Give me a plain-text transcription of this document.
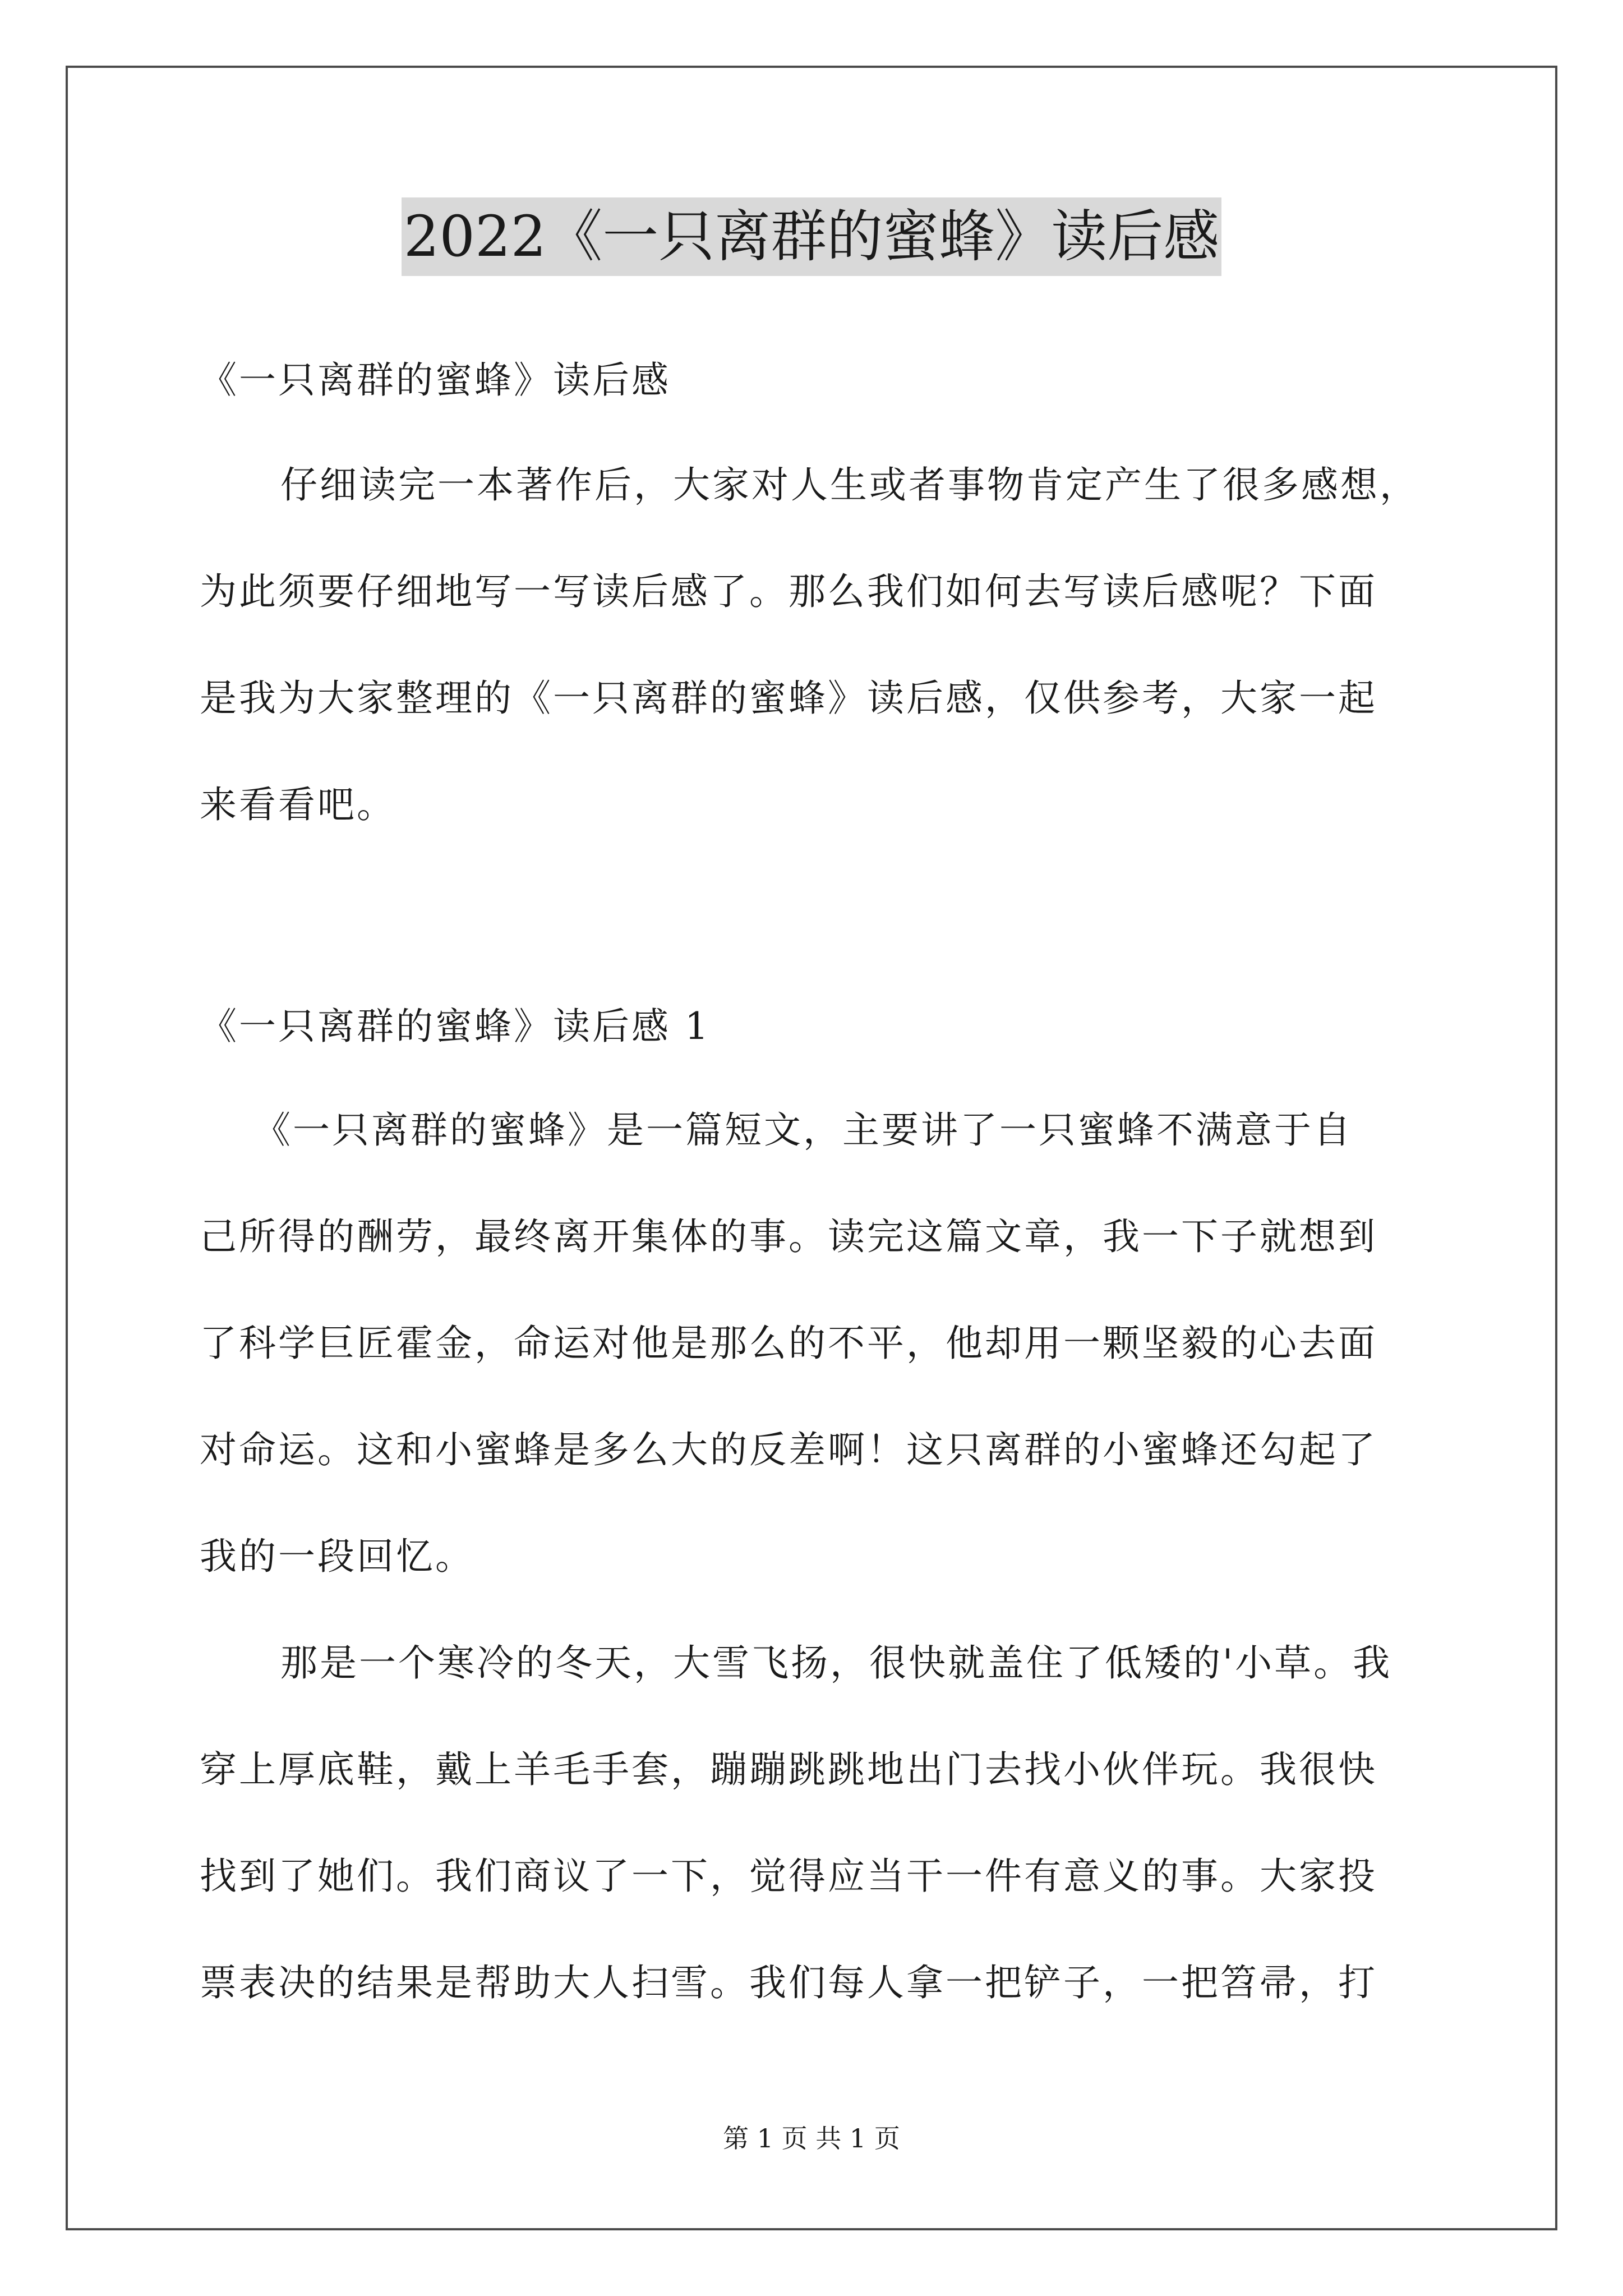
2022《一只离群的蜜蜂》读后感
《一只离群的蜜蜂》读后感
仔细读完一本著作后，大家对人生或者事物肯定产生了很多感想，
为此须要仔细地写一写读后感了。那么我们如何去写读后感呢？下面
是我为大家整理的《一只离群的蜜蜂》读后感，仅供参考，大家一起
来看看吧。
《一只离群的蜜蜂》读后感 1
《一只离群的蜜蜂》是一篇短文，主要讲了一只蜜蜂不满意于自
己所得的酬劳，最终离开集体的事。读完这篇文章，我一下子就想到
了科学巨匠霍金，命运对他是那么的不平，他却用一颗坚毅的心去面
对命运。这和小蜜蜂是多么大的反差啊！这只离群的小蜜蜂还勾起了
我的一段回忆。
那是一个寒冷的冬天，大雪飞扬，很快就盖住了低矮的'小草。我
穿上厚底鞋，戴上羊毛手套，蹦蹦跳跳地出门去找小伙伴玩。我很快
找到了她们。我们商议了一下，觉得应当干一件有意义的事。大家投
票表决的结果是帮助大人扫雪。我们每人拿一把铲子，一把笤帚，打
第 1 页 共 1 页
